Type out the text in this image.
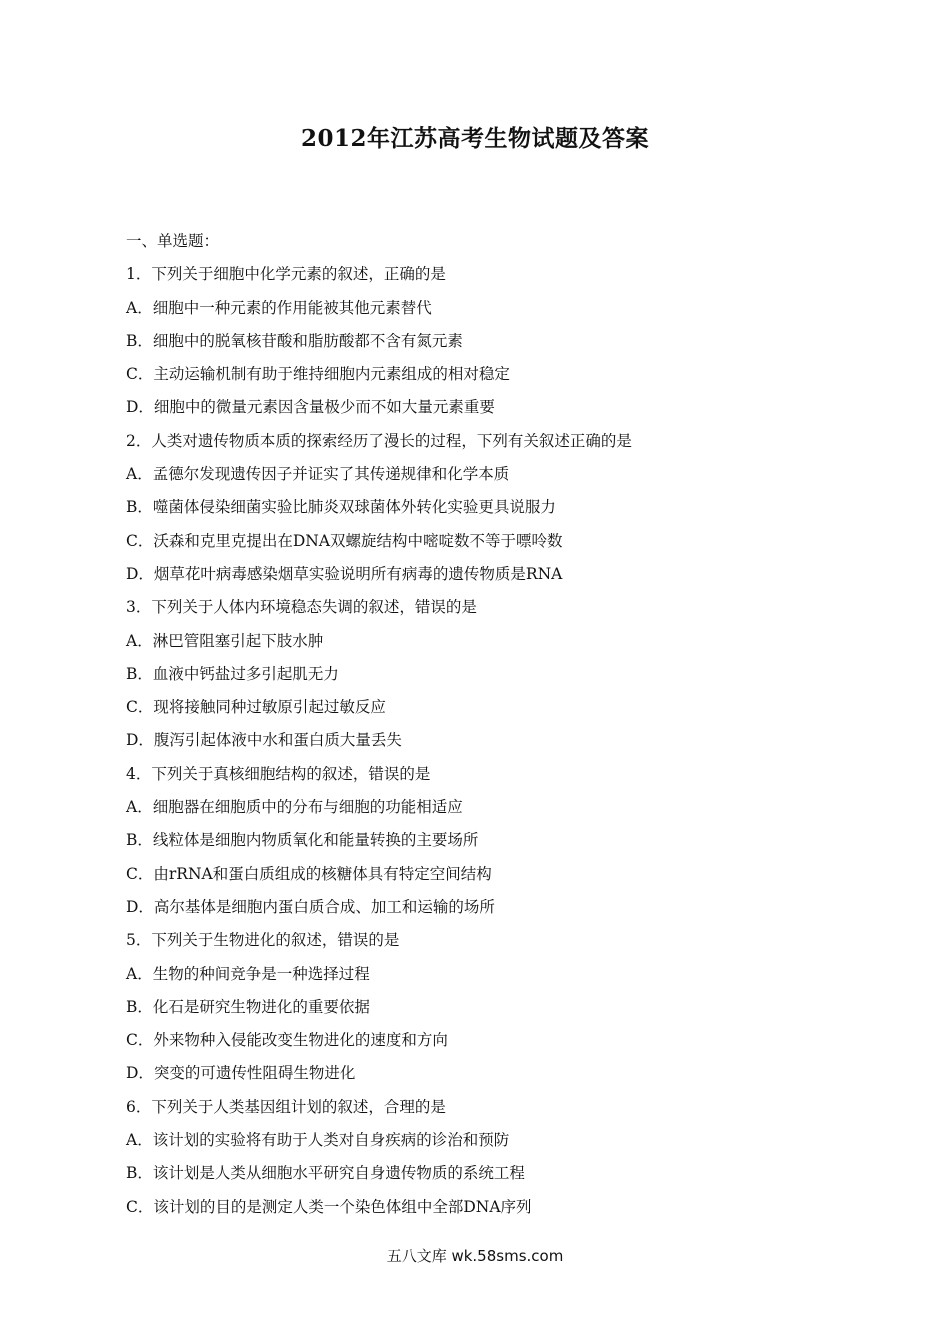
2012年江苏高考生物试题及答案
一、单选题：
1．下列关于细胞中化学元素的叙述，正确的是
A．细胞中一种元素的作用能被其他元素替代
B．细胞中的脱氧核苷酸和脂肪酸都不含有氮元素
C．主动运输机制有助于维持细胞内元素组成的相对稳定
D．细胞中的微量元素因含量极少而不如大量元素重要
2．人类对遗传物质本质的探索经历了漫长的过程，下列有关叙述正确的是
A．孟德尔发现遗传因子并证实了其传递规律和化学本质
B．噬菌体侵染细菌实验比肺炎双球菌体外转化实验更具说服力
C．沃森和克里克提出在DNA双螺旋结构中嘧啶数不等于嘌呤数
D．烟草花叶病毒感染烟草实验说明所有病毒的遗传物质是RNA
3．下列关于人体内环境稳态失调的叙述，错误的是
A．淋巴管阻塞引起下肢水肿
B．血液中钙盐过多引起肌无力
C．现将接触同种过敏原引起过敏反应
D．腹泻引起体液中水和蛋白质大量丢失
4．下列关于真核细胞结构的叙述，错误的是
A．细胞器在细胞质中的分布与细胞的功能相适应
B．线粒体是细胞内物质氧化和能量转换的主要场所
C．由rRNA和蛋白质组成的核糖体具有特定空间结构
D．高尔基体是细胞内蛋白质合成、加工和运输的场所
5．下列关于生物进化的叙述，错误的是
A．生物的种间竞争是一种选择过程
B．化石是研究生物进化的重要依据
C．外来物种入侵能改变生物进化的速度和方向
D．突变的可遗传性阻碍生物进化
6．下列关于人类基因组计划的叙述，合理的是
A．该计划的实验将有助于人类对自身疾病的诊治和预防
B．该计划是人类从细胞水平研究自身遗传物质的系统工程
C．该计划的目的是测定人类一个染色体组中全部DNA序列
五八文库 wk.58sms.com
